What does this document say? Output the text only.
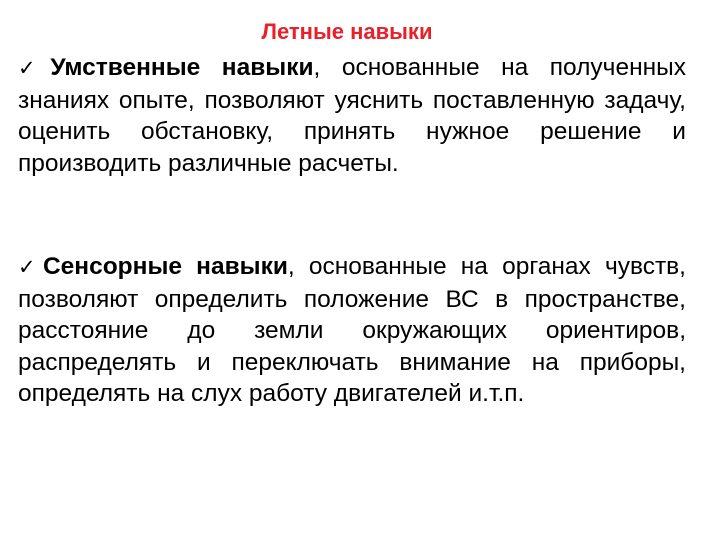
Летные навыки
✓Умственные навыки, основанные на полученных знаниях опыте, позволяют уяснить поставленную задачу, оценить обстановку, принять нужное решение и производить различные расчеты.
✓Сенсорные навыки, основанные на органах чувств, позволяют определить положение ВС в пространстве, расстояние до земли окружающих ориентиров, распределять и переключать внимание на приборы, определять на слух работу двигателей и.т.п.
